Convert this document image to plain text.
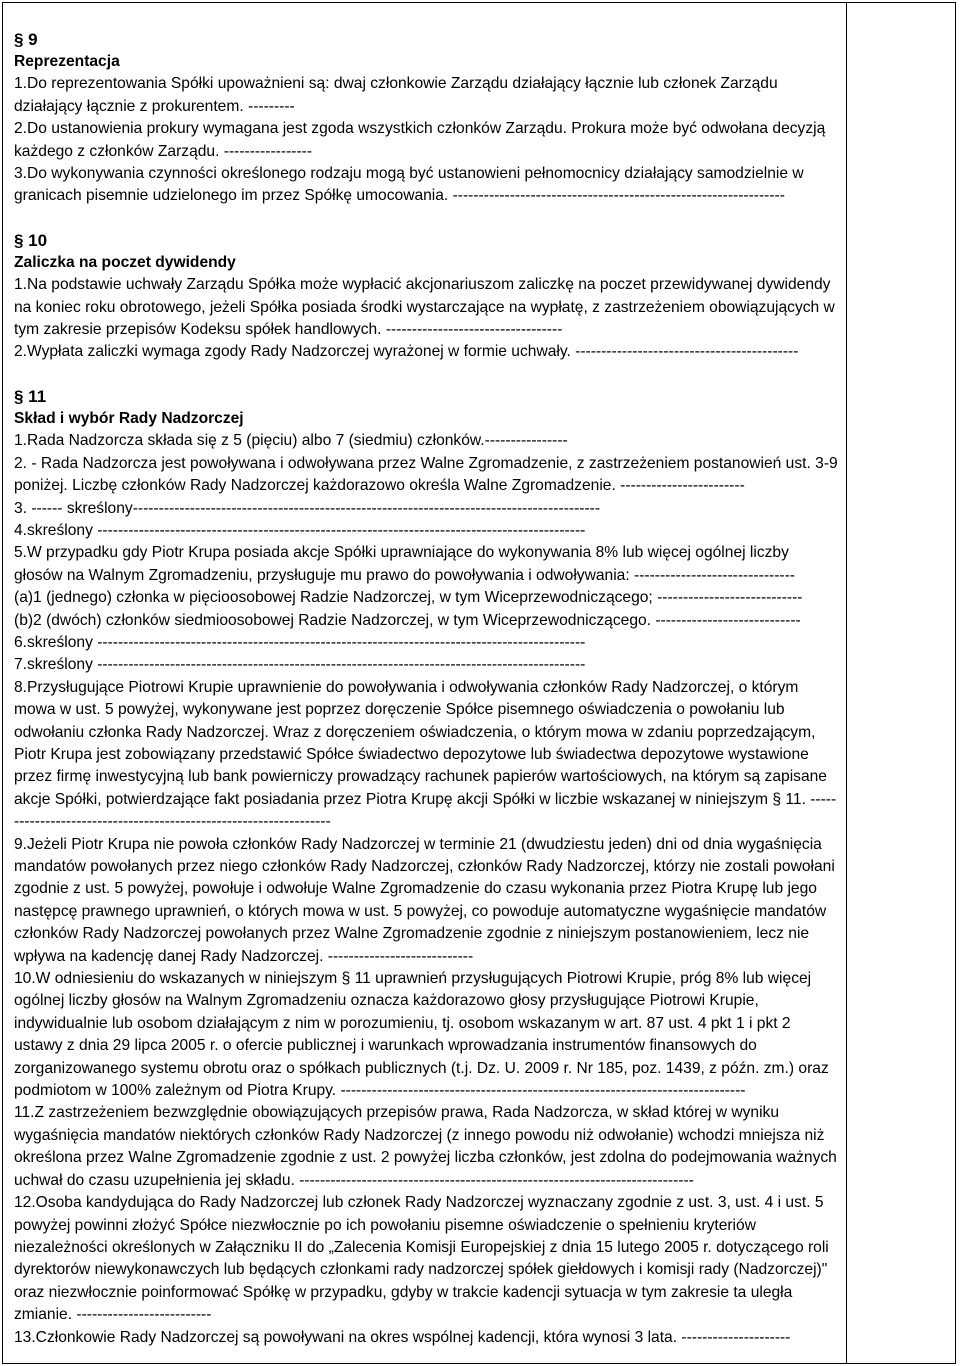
§ 9

Reprezentacja

1.Do reprezentowania Spółki upoważnieni są: dwaj członkowie Zarządu działający łącznie lub członek Zarządu działający łącznie z prokurentem. ---------

2.Do ustanowienia prokury wymagana jest zgoda wszystkich członków Zarządu. Prokura może być odwołana decyzją każdego z członków Zarządu. -----------------

3.Do wykonywania czynności określonego rodzaju mogą być ustanowieni pełnomocnicy działający samodzielnie w granicach pisemnie udzielonego im przez Spółkę umocowania. ----------------------------------------------------------------

§ 10

Zaliczka na poczet dywidendy

1.Na podstawie uchwały Zarządu Spółka może wypłacić akcjonariuszom zaliczkę na poczet przewidywanej dywidendy na koniec roku obrotowego, jeżeli Spółka posiada środki wystarczające na wypłatę, z zastrzeżeniem obowiązujących w tym zakresie przepisów Kodeksu spółek handlowych. ----------------------------------

2.Wypłata zaliczki wymaga zgody Rady Nadzorczej wyrażonej w formie uchwały. -------------------------------------------

§ 11

Skład i wybór Rady Nadzorczej

1.Rada Nadzorcza składa się z 5 (pięciu) albo 7 (siedmiu) członków.----------------

2. - Rada Nadzorcza jest powoływana i odwoływana przez Walne Zgromadzenie, z zastrzeżeniem postanowień ust. 3-9 poniżej. Liczbę członków Rady Nadzorczej każdorazowo określa Walne Zgromadzenie. ------------------------

3. ------ skreślony------------------------------------------------------------------------------------------

4.skreślony ----------------------------------------------------------------------------------------------

5.W przypadku gdy Piotr Krupa posiada akcje Spółki uprawniające do wykonywania 8% lub więcej ogólnej liczby głosów na Walnym Zgromadzeniu, przysługuje mu prawo do powoływania i odwoływania: -------------------------------

(a)1 (jednego) członka w pięcioosobowej Radzie Nadzorczej, w tym Wiceprzewodniczącego; ----------------------------

(b)2 (dwóch) członków siedmioosobowej Radzie Nadzorczej, w tym Wiceprzewodniczącego. ----------------------------

6.skreślony ----------------------------------------------------------------------------------------------

7.skreślony ----------------------------------------------------------------------------------------------

8.Przysługujące Piotrowi Krupie uprawnienie do powoływania i odwoływania członków Rady Nadzorczej, o którym mowa w ust. 5 powyżej, wykonywane jest poprzez doręczenie Spółce pisemnego oświadczenia o powołaniu lub odwołaniu członka Rady Nadzorczej. Wraz z doręczeniem oświadczenia, o którym mowa w zdaniu poprzedzającym, Piotr Krupa jest zobowiązany przedstawić Spółce świadectwo depozytowe lub świadectwa depozytowe wystawione przez firmę inwestycyjną lub bank powierniczy prowadzący rachunek papierów wartościowych, na którym są zapisane akcje Spółki, potwierdzające fakt posiadania przez Piotra Krupę akcji Spółki w liczbie wskazanej w niniejszym § 11. ------------------------------------------------------------------

9.Jeżeli Piotr Krupa nie powoła członków Rady Nadzorczej w terminie 21 (dwudziestu jeden) dni od dnia wygaśnięcia mandatów powołanych przez niego członków Rady Nadzorczej, członków Rady Nadzorczej, którzy nie zostali powołani zgodnie z ust. 5 powyżej, powołuje i odwołuje Walne Zgromadzenie do czasu wykonania przez Piotra Krupę lub jego następcę prawnego uprawnień, o których mowa w ust. 5 powyżej, co powoduje automatyczne wygaśnięcie mandatów członków Rady Nadzorczej powołanych przez Walne Zgromadzenie zgodnie z niniejszym postanowieniem, lecz nie wpływa na kadencję danej Rady Nadzorczej. ----------------------------

10.W odniesieniu do wskazanych w niniejszym § 11 uprawnień przysługujących Piotrowi Krupie, próg 8% lub więcej ogólnej liczby głosów na Walnym Zgromadzeniu oznacza każdorazowo głosy przysługujące Piotrowi Krupie, indywidualnie lub osobom działającym z nim w porozumieniu, tj. osobom wskazanym w art. 87 ust. 4 pkt 1 i pkt 2 ustawy z dnia 29 lipca 2005 r. o ofercie publicznej i warunkach wprowadzania instrumentów finansowych do zorganizowanego systemu obrotu oraz o spółkach publicznych (t.j. Dz. U. 2009 r. Nr 185, poz. 1439, z późn. zm.) oraz podmiotom w 100% zależnym od Piotra Krupy. ------------------------------------------------------------------------------

11.Z zastrzeżeniem bezwzględnie obowiązujących przepisów prawa, Rada Nadzorcza, w skład której w wyniku wygaśnięcia mandatów niektórych członków Rady Nadzorczej (z innego powodu niż odwołanie) wchodzi mniejsza niż określona przez Walne Zgromadzenie zgodnie z ust. 2 powyżej liczba członków, jest zdolna do podejmowania ważnych uchwał do czasu uzupełnienia jej składu. ----------------------------------------------------------------------------

12.Osoba kandydująca do Rady Nadzorczej lub członek Rady Nadzorczej wyznaczany zgodnie z ust. 3, ust. 4 i ust. 5 powyżej powinni złożyć Spółce niezwłocznie po ich powołaniu pisemne oświadczenie o spełnieniu kryteriów niezależności określonych w Załączniku II do „Zalecenia Komisji Europejskiej z dnia 15 lutego 2005 r. dotyczącego roli dyrektorów niewykonawczych lub będących członkami rady nadzorczej spółek giełdowych i komisji rady (Nadzorczej)" oraz niezwłocznie poinformować Spółkę w przypadku, gdyby w trakcie kadencji sytuacja w tym zakresie ta uległa zmianie. --------------------------

13.Członkowie Rady Nadzorczej są powoływani na okres wspólnej kadencji, która wynosi 3 lata. ---------------------
